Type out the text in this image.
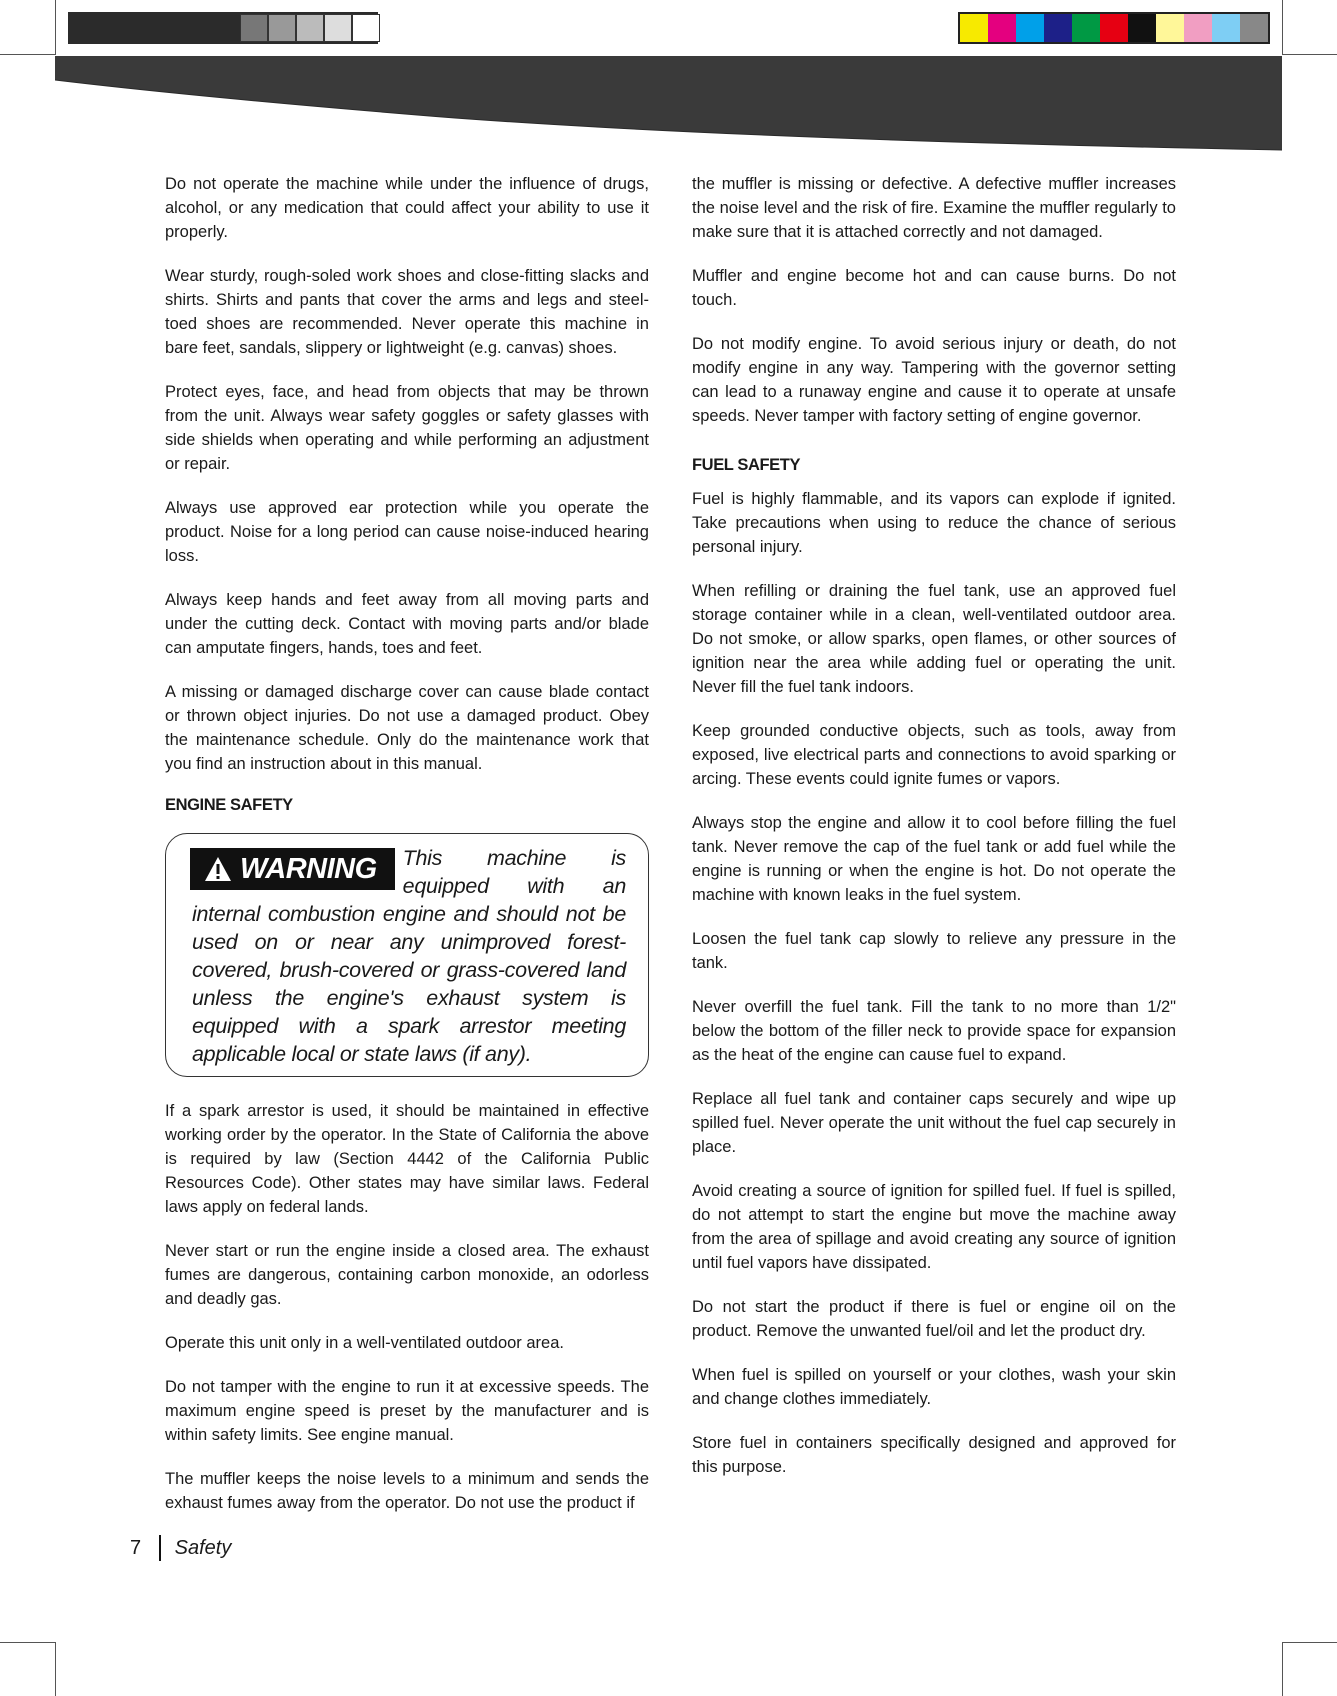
Do not operate the machine while under the influence of drugs, alcohol, or any medication that could affect your ability to use it properly.

Wear sturdy, rough-soled work shoes and close-fitting slacks and shirts. Shirts and pants that cover the arms and legs and steel-toed shoes are recommended. Never operate this machine in bare feet, sandals, slippery or lightweight (e.g. canvas) shoes.

Protect eyes, face, and head from objects that may be thrown from the unit. Always wear safety goggles or safety glasses with side shields when operating and while performing an adjustment or repair.

Always use approved ear protection while you operate the product. Noise for a long period can cause noise-induced hearing loss.

Always keep hands and feet away from all moving parts and under the cutting deck. Contact with moving parts and/or blade can amputate fingers, hands, toes and feet.

A missing or damaged discharge cover can cause blade contact or thrown object injuries. Do not use a damaged product. Obey the maintenance schedule. Only do the maintenance work that you find an instruction about in this manual.

ENGINE SAFETY
WARNING	This machine is equipped with an internal combustion engine and should not be used on or near any unimproved forest-covered, brush-covered or grass-covered land unless the engine's exhaust system is equipped with a spark arrestor meeting applicable local or state laws (if any).

If a spark arrestor is used, it should be maintained in effective working order by the operator. In the State of California the above is required by law (Section 4442 of the California Public Resources Code). Other states may have similar laws. Federal laws apply on federal lands.

Never start or run the engine inside a closed area. The exhaust fumes are dangerous, containing carbon monoxide, an odorless and deadly gas.

Operate this unit only in a well-ventilated outdoor area.

Do not tamper with the engine to run it at excessive speeds. The maximum engine speed is preset by the manufacturer and is within safety limits. See engine manual.

The muffler keeps the noise levels to a minimum and sends the exhaust fumes away from the operator. Do not use the product if

the muffler is missing or defective. A defective muffler increases the noise level and the risk of fire. Examine the muffler regularly to make sure that it is attached correctly and not damaged.

Muffler and engine become hot and can cause burns. Do not touch.

Do not modify engine. To avoid serious injury or death, do not modify engine in any way. Tampering with the governor setting can lead to a runaway engine and cause it to operate at unsafe speeds. Never tamper with factory setting of engine governor.

FUEL SAFETY

Fuel is highly flammable, and its vapors can explode if ignited. Take precautions when using to reduce the chance of serious personal injury.

When refilling or draining the fuel tank, use an approved fuel storage container while in a clean, well-ventilated outdoor area. Do not smoke, or allow sparks, open flames, or other sources of ignition near the area while adding fuel or operating the unit. Never fill the fuel tank indoors.

Keep grounded conductive objects, such as tools, away from exposed, live electrical parts and connections to avoid sparking or arcing. These events could ignite fumes or vapors.

Always stop the engine and allow it to cool before filling the fuel tank. Never remove the cap of the fuel tank or add fuel while the engine is running or when the engine is hot. Do not operate the machine with known leaks in the fuel system.

Loosen the fuel tank cap slowly to relieve any pressure in the tank.

Never overfill the fuel tank. Fill the tank to no more than 1/2" below the bottom of the filler neck to provide space for expansion as the heat of the engine can cause fuel to expand.

Replace all fuel tank and container caps securely and wipe up spilled fuel. Never operate the unit without the fuel cap securely in place.

Avoid creating a source of ignition for spilled fuel. If fuel is spilled, do not attempt to start the engine but move the machine away from the area of spillage and avoid creating any source of ignition until fuel vapors have dissipated.

Do not start the product if there is fuel or engine oil on the product. Remove the unwanted fuel/oil and let the product dry.

When fuel is spilled on yourself or your clothes, wash your skin and change clothes immediately.

Store fuel in containers specifically designed and approved for this purpose.

7 Safety
